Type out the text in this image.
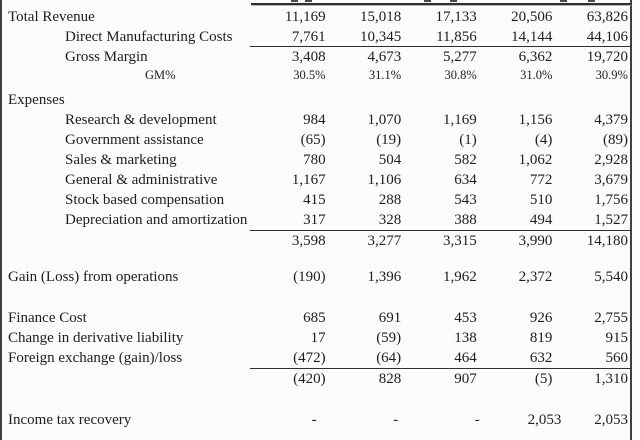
Total Revenue	11,169	15,018	17,133	20,506	63,826
Direct Manufacturing Costs	7,761	10,345	11,856	14,144	44,106
Gross Margin	3,408	4,673	5,277	6,362	19,720
GM%	30.5%	31.1%	30.8%	31.0%	30.9%
Expenses
Research & development	984	1,070	1,169	1,156	4,379
Government assistance	(65)	(19)	(1)	(4)	(89)
Sales & marketing	780	504	582	1,062	2,928
General & administrative	1,167	1,106	634	772	3,679
Stock based compensation	415	288	543	510	1,756
Depreciation and amortization	317	328	388	494	1,527
3,598	3,277	3,315	3,990	14,180
Gain (Loss) from operations	(190)	1,396	1,962	2,372	5,540
Finance Cost	685	691	453	926	2,755
Change in derivative liability	17	(59)	138	819	915
Foreign exchange (gain)/loss	(472)	(64)	464	632	560
(420)	828	907	(5)	1,310
Income tax recovery	-	-	-	2,053	2,053
